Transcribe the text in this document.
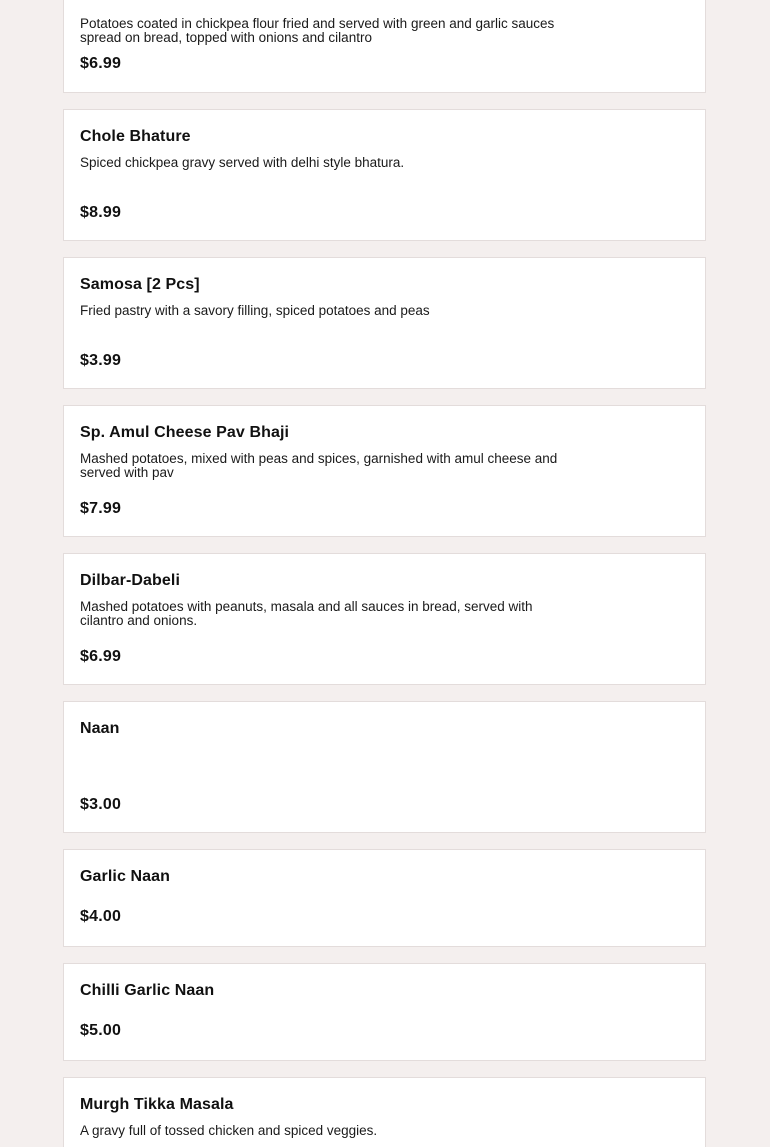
Potatoes coated in chickpea flour fried and served with green and garlic sauces spread on bread, topped with onions and cilantro
$6.99
Chole Bhature
Spiced chickpea gravy served with delhi style bhatura.
$8.99
Samosa [2 Pcs]
Fried pastry with a savory filling, spiced potatoes and peas
$3.99
Sp. Amul Cheese Pav Bhaji
Mashed potatoes, mixed with peas and spices, garnished with amul cheese and served with pav
$7.99
Dilbar-Dabeli
Mashed potatoes with peanuts, masala and all sauces in bread, served with cilantro and onions.
$6.99
Naan
$3.00
Garlic Naan
$4.00
Chilli Garlic Naan
$5.00
Murgh Tikka Masala
A gravy full of tossed chicken and spiced veggies.
